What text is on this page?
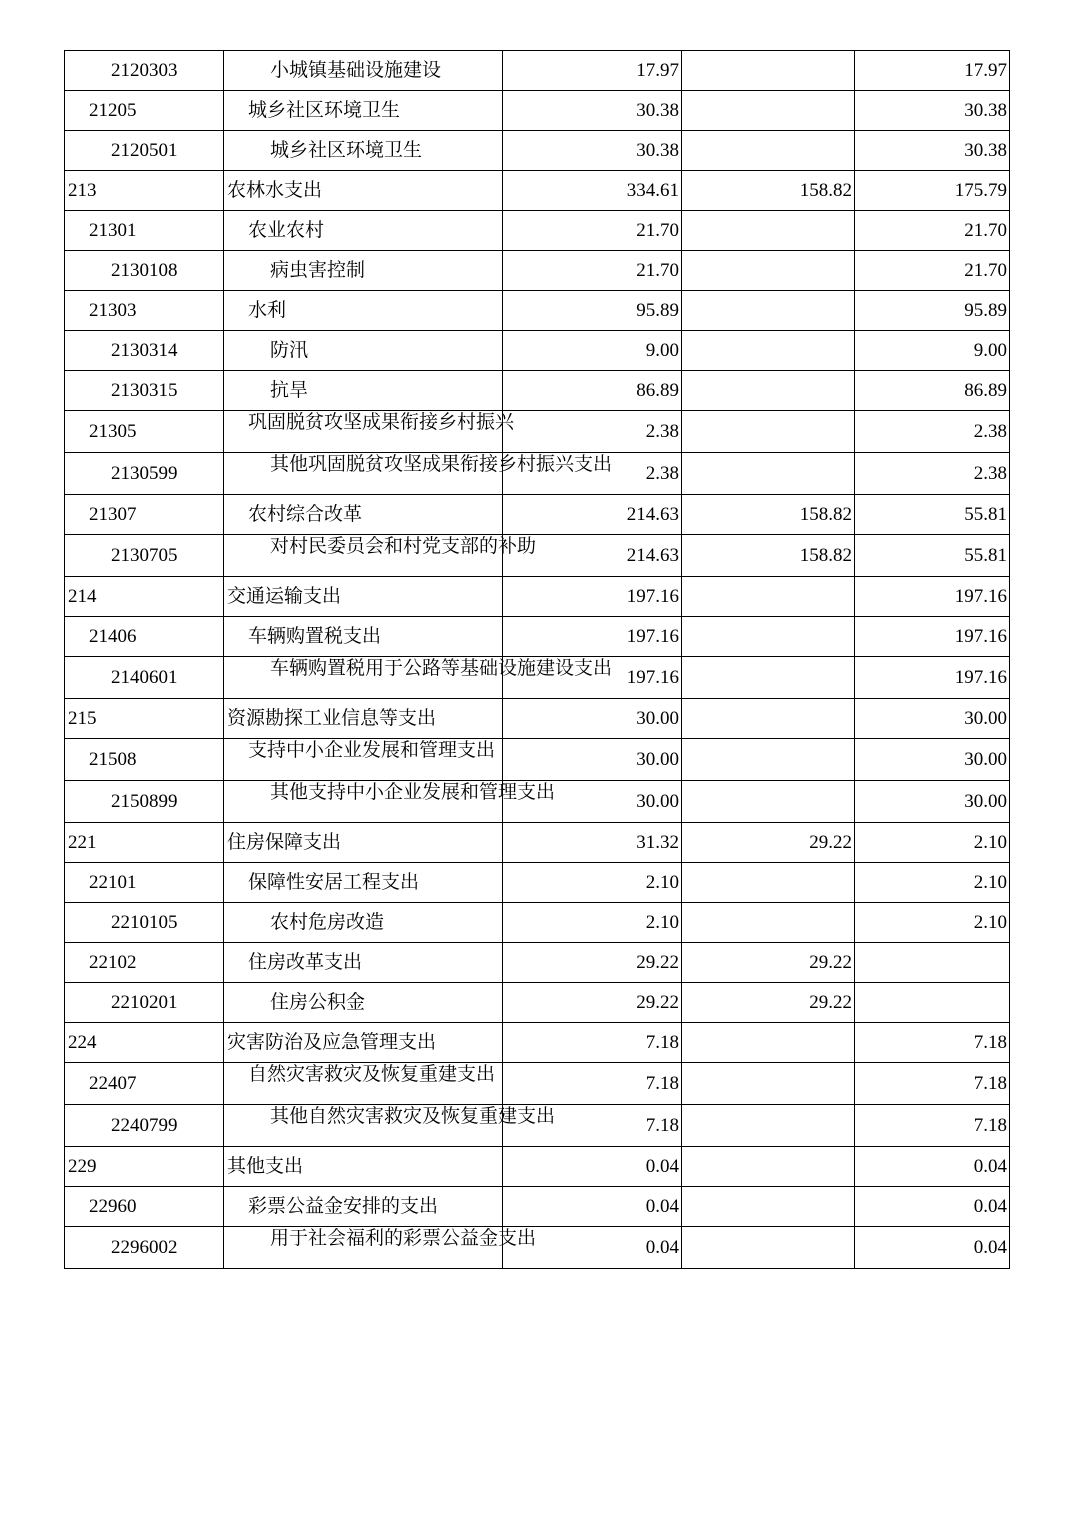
2120303	小城镇基础设施建设	17.97		17.97
21205	城乡社区环境卫生	30.38		30.38
2120501	城乡社区环境卫生	30.38		30.38
213	农林水支出	334.61	158.82	175.79
21301	农业农村	21.70		21.70
2130108	病虫害控制	21.70		21.70
21303	水利	95.89		95.89
2130314	防汛	9.00		9.00
2130315	抗旱	86.89		86.89
21305	巩固脱贫攻坚成果衔接乡村振兴	2.38		2.38
2130599	其他巩固脱贫攻坚成果衔接乡村振兴支出	2.38		2.38
21307	农村综合改革	214.63	158.82	55.81
2130705	对村民委员会和村党支部的补助	214.63	158.82	55.81
214	交通运输支出	197.16		197.16
21406	车辆购置税支出	197.16		197.16
2140601	车辆购置税用于公路等基础设施建设支出	197.16		197.16
215	资源勘探工业信息等支出	30.00		30.00
21508	支持中小企业发展和管理支出	30.00		30.00
2150899	其他支持中小企业发展和管理支出	30.00		30.00
221	住房保障支出	31.32	29.22	2.10
22101	保障性安居工程支出	2.10		2.10
2210105	农村危房改造	2.10		2.10
22102	住房改革支出	29.22	29.22	
2210201	住房公积金	29.22	29.22	
224	灾害防治及应急管理支出	7.18		7.18
22407	自然灾害救灾及恢复重建支出	7.18		7.18
2240799	其他自然灾害救灾及恢复重建支出	7.18		7.18
229	其他支出	0.04		0.04
22960	彩票公益金安排的支出	0.04		0.04
2296002	用于社会福利的彩票公益金支出	0.04		0.04
